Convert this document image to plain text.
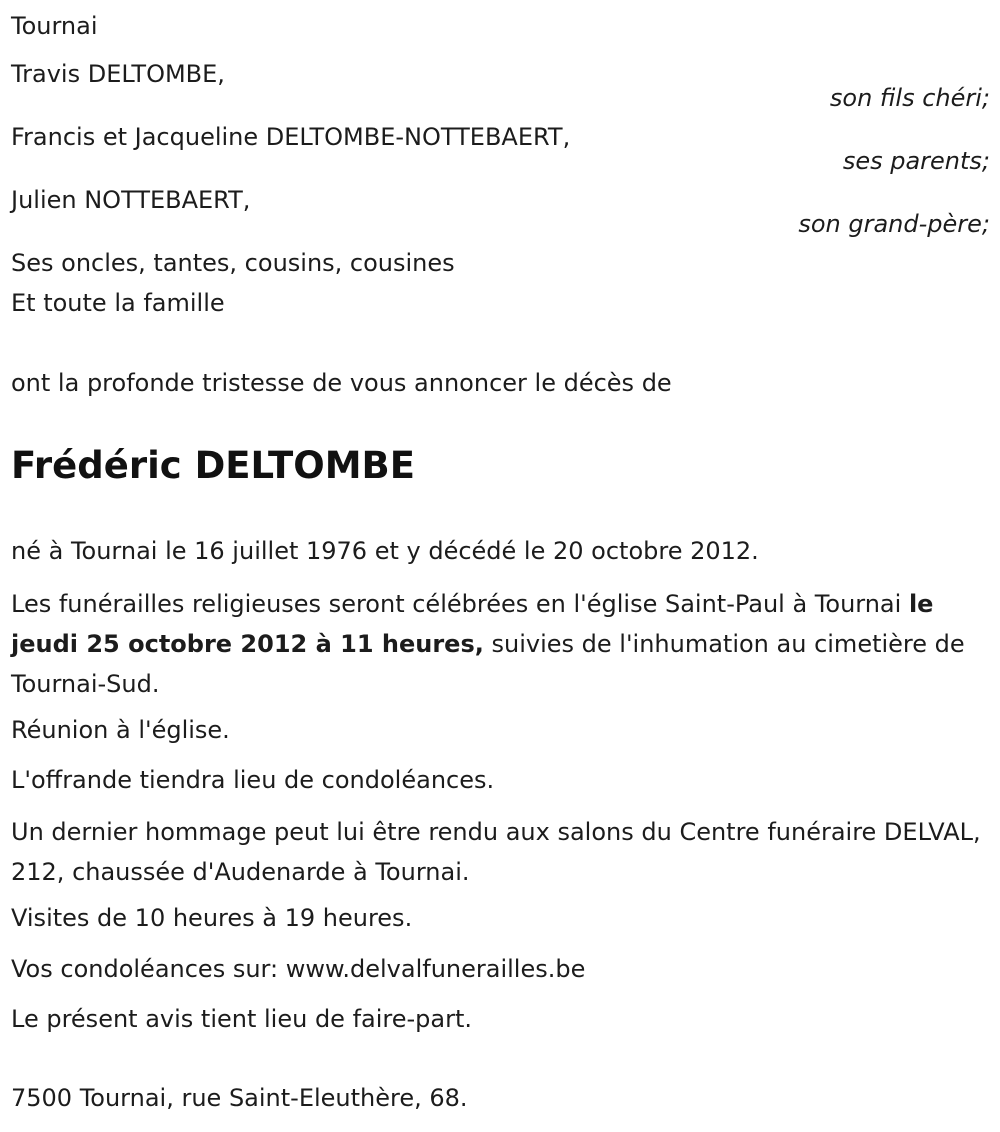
Tournai
Travis DELTOMBE,
son fils chéri;
Francis et Jacqueline DELTOMBE-NOTTEBAERT,
ses parents;
Julien NOTTEBAERT,
son grand-père;
Ses oncles, tantes, cousins, cousines
Et toute la famille
ont la profonde tristesse de vous annoncer le décès de
Frédéric DELTOMBE
né à Tournai le 16 juillet 1976 et y décédé le 20 octobre 2012.
Les funérailles religieuses seront célébrées en l'église Saint-Paul à Tournai le jeudi 25 octobre 2012 à 11 heures, suivies de l'inhumation au cimetière de Tournai-Sud.
Réunion à l'église.
L'offrande tiendra lieu de condoléances.
Un dernier hommage peut lui être rendu aux salons du Centre funéraire DELVAL, 212, chaussée d'Audenarde à Tournai.
Visites de 10 heures à 19 heures.
Vos condoléances sur: www.delvalfunerailles.be
Le présent avis tient lieu de faire-part.
7500 Tournai, rue Saint-Eleuthère, 68.
